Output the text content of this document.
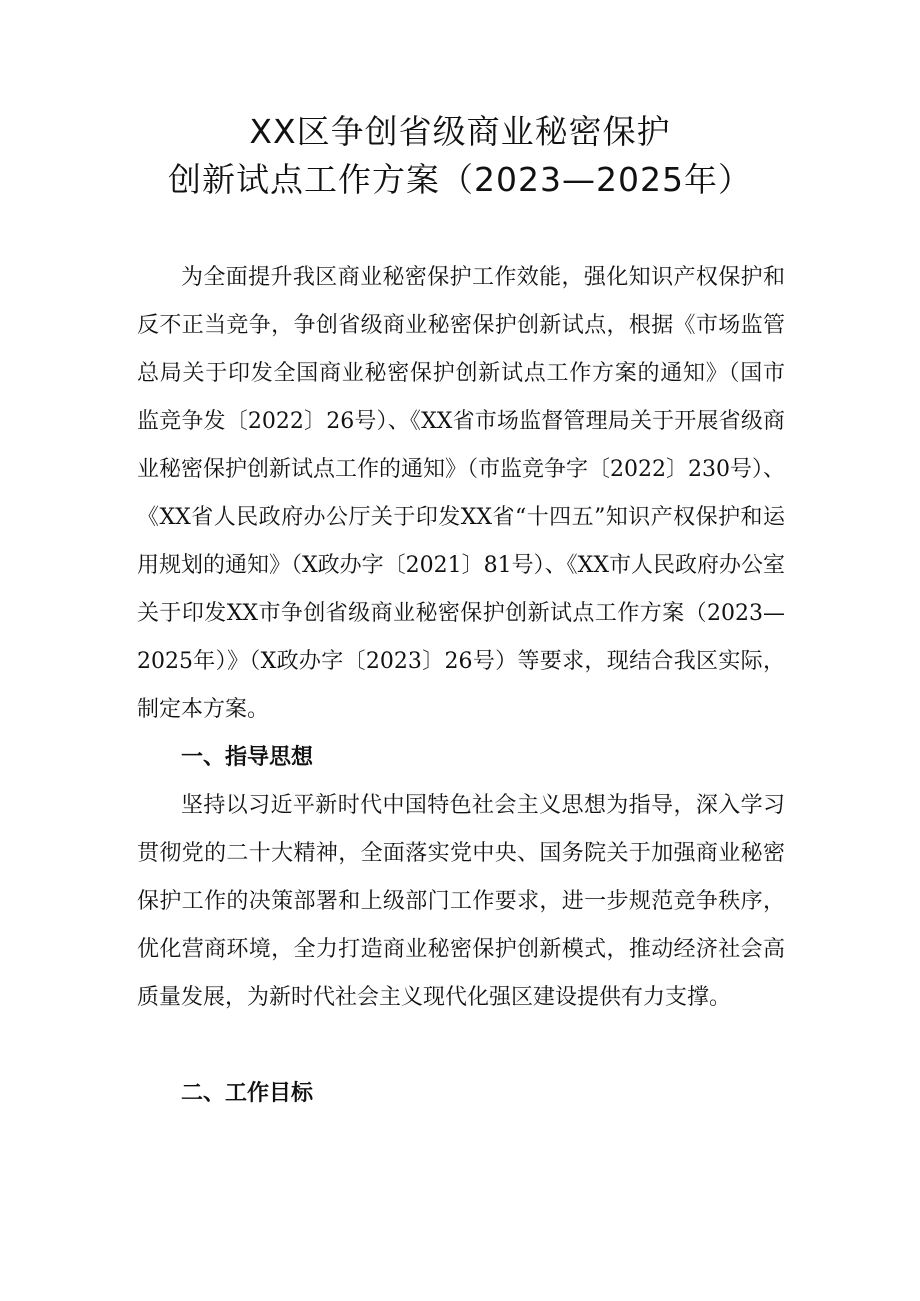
XX区争创省级商业秘密保护
创新试点工作方案（2023—2025年）

为全面提升我区商业秘密保护工作效能，强化知识产权保护和反不正当竞争，争创省级商业秘密保护创新试点，根据《市场监管总局关于印发全国商业秘密保护创新试点工作方案的通知》（国市监竞争发〔2022〕26号）、《XX省市场监督管理局关于开展省级商业秘密保护创新试点工作的通知》（市监竞争字〔2022〕230号）、《XX省人民政府办公厅关于印发XX省“十四五”知识产权保护和运用规划的通知》（X政办字〔2021〕81号）、《XX市人民政府办公室关于印发XX市争创省级商业秘密保护创新试点工作方案（2023—2025年）》（X政办字〔2023〕26号）等要求，现结合我区实际，制定本方案。

一、指导思想

坚持以习近平新时代中国特色社会主义思想为指导，深入学习贯彻党的二十大精神，全面落实党中央、国务院关于加强商业秘密保护工作的决策部署和上级部门工作要求，进一步规范竞争秩序，优化营商环境，全力打造商业秘密保护创新模式，推动经济社会高质量发展，为新时代社会主义现代化强区建设提供有力支撑。

二、工作目标
